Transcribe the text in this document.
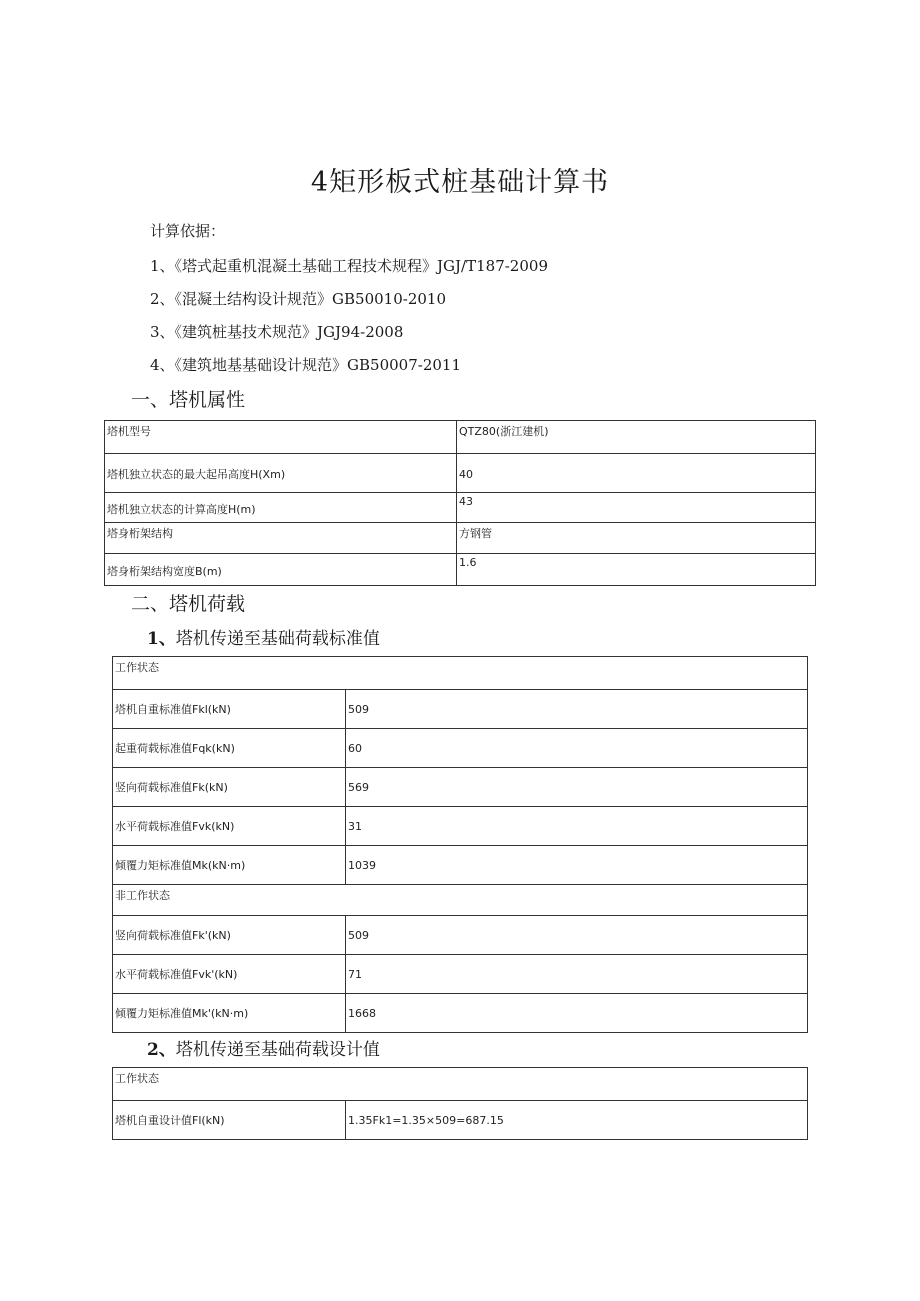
4矩形板式桩基础计算书
计算依据：
1、《塔式起重机混凝土基础工程技术规程》JGJ/T187-2009
2、《混凝土结构设计规范》GB50010-2010
3、《建筑桩基技术规范》JGJ94-2008
4、《建筑地基基础设计规范》GB50007-2011
一、塔机属性
塔机型号	QTZ80(浙江建机)
塔机独立状态的最大起吊高度H(Xm)	40
塔机独立状态的计算高度H(m)	43
塔身桁架结构	方钢管
塔身桁架结构宽度B(m)	1.6
二、塔机荷载
1、塔机传递至基础荷载标准值
工作状态	
塔机自重标准值Fkl(kN)	509
起重荷载标准值Fqk(kN)	60
竖向荷载标准值Fk(kN)	569
水平荷载标准值Fvk(kN)	31
倾覆力矩标准值Mk(kN·m)	1039
非工作状态	
竖向荷载标准值Fk'(kN)	509
水平荷载标准值Fvk'(kN)	71
倾覆力矩标准值Mk'(kN·m)	1668
2、塔机传递至基础荷载设计值
工作状态
塔机自重设计值Fl(kN)	1.35Fk1=1.35×509=687.15
